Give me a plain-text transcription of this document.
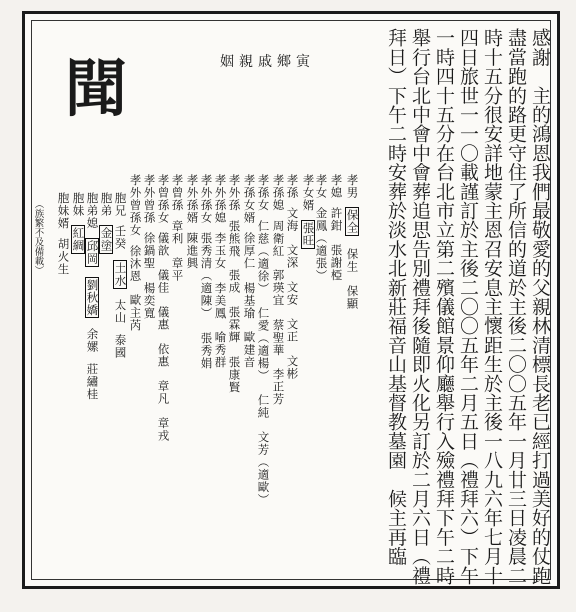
聞	姻親戚鄉寅	感謝　主的鴻恩我們最敬愛的父親林清標長老已經打過美好的仗跑
盡當跑的路更守住了所信的道於主後二〇〇五年一月廿三日凌晨二
時十五分很安詳地蒙主恩召安息主懷距生於主後一八九六年七月十
四日旅世一一〇載謹訂於主後二〇〇五年二月五日（禮拜六）下午
一時四十五分在台北市立第二殯儀館景仰廳舉行入殮禮拜下午二時
舉行台北中會中會葬追思告別禮拜後隨即火化另訂於二月六日（禮
拜日）下午二時安葬於淡水北新莊福音山基督教墓園　候主再臨
孝男保全保生保顯
孝媳許鉗張謝椏
孝女金鳳（適張）
孝女婿張旺
孝孫文海文深文安文正文彬
孝孫媳周衛紅郭瑛宜蔡聖華李正芳
孝孫女仁慈（適徐）仁愛（適楊）仁純文芳（適歐）
孝孫女婿徐厚仁楊基瑜歐建音
孝外孫張熊飛張成張霖輝張康賢
孝外孫媳李玉女李美鳳喻秀群
孝外孫女張秀清（適陳）張秀娟
孝外孫婿陳進興
孝曾孫章利章平
孝曾孫女儀歆儀佳儀惠依惠章凡章戎
孝外曾孫徐鍋聖楊奕寬
孝外曾孫女徐沐恩歐主芮
胞兄壬癸土水太山泰國
胞弟金塗
胞弟媳邱岡劉秋嬌余嫘莊繡桂
胞妹紅綢
胞妹婿胡火生
（族繁不及備載）
